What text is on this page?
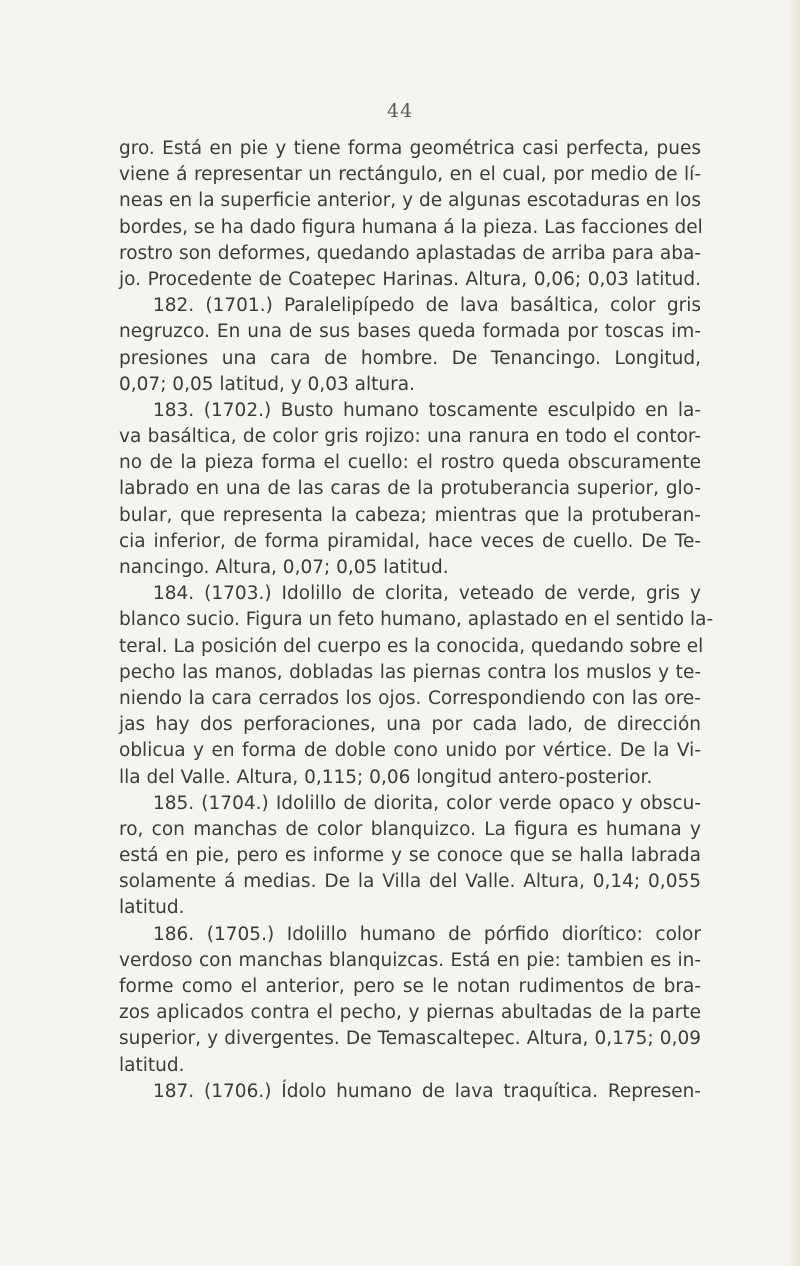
44
gro. Está en pie y tiene forma geométrica casi perfecta, pues
viene á representar un rectángulo, en el cual, por medio de lí-
neas en la superficie anterior, y de algunas escotaduras en los
bordes, se ha dado figura humana á la pieza. Las facciones del
rostro son deformes, quedando aplastadas de arriba para aba-
jo. Procedente de Coatepec Harinas. Altura, 0,06; 0,03 latitud.
182. (1701.) Paralelipípedo de lava basáltica, color gris
negruzco. En una de sus bases queda formada por toscas im-
presiones una cara de hombre. De Tenancingo. Longitud,
0,07; 0,05 latitud, y 0,03 altura.
183. (1702.) Busto humano toscamente esculpido en la-
va basáltica, de color gris rojizo: una ranura en todo el contor-
no de la pieza forma el cuello: el rostro queda obscuramente
labrado en una de las caras de la protuberancia superior, glo-
bular, que representa la cabeza; mientras que la protuberan-
cia inferior, de forma piramidal, hace veces de cuello. De Te-
nancingo. Altura, 0,07; 0,05 latitud.
184. (1703.) Idolillo de clorita, veteado de verde, gris y
blanco sucio. Figura un feto humano, aplastado en el sentido la-
teral. La posición del cuerpo es la conocida, quedando sobre el
pecho las manos, dobladas las piernas contra los muslos y te-
niendo la cara cerrados los ojos. Correspondiendo con las ore-
jas hay dos perforaciones, una por cada lado, de dirección
oblicua y en forma de doble cono unido por vértice. De la Vi-
lla del Valle. Altura, 0,115; 0,06 longitud antero-posterior.
185. (1704.) Idolillo de diorita, color verde opaco y obscu-
ro, con manchas de color blanquizco. La figura es humana y
está en pie, pero es informe y se conoce que se halla labrada
solamente á medias. De la Villa del Valle. Altura, 0,14; 0,055
latitud.
186. (1705.) Idolillo humano de pórfido diorítico: color
verdoso con manchas blanquizcas. Está en pie: tambien es in-
forme como el anterior, pero se le notan rudimentos de bra-
zos aplicados contra el pecho, y piernas abultadas de la parte
superior, y divergentes. De Temascaltepec. Altura, 0,175; 0,09
latitud.
187. (1706.) Ídolo humano de lava traquítica. Represen-
